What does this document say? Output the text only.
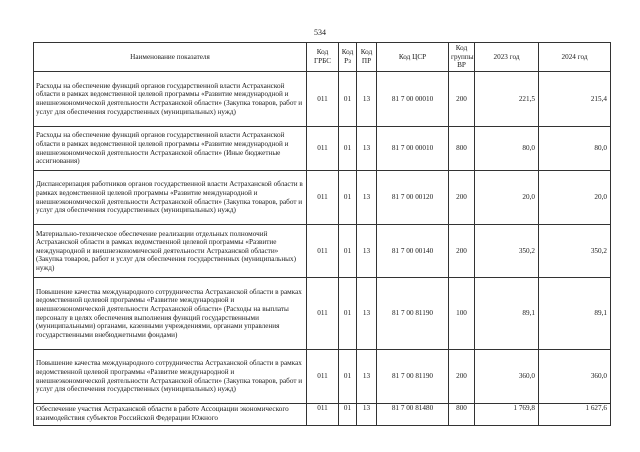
534
Наименование показателя	Код ГРБС	Код Рз	Код ПР	Код ЦСР	Код группы ВР	2023 год	2024 год
Расходы на обеспечение функций органов государственной власти Астраханской области в рамках ведомственной целевой программы «Развитие международной и внешнеэкономической деятельности Астраханской области» (Закупка товаров, работ и услуг для обеспечения государственных (муниципальных) нужд)	011	01	13	81 7 00 00010	200	221,5	215,4
Расходы на обеспечение функций органов государственной власти Астраханской области в рамках ведомственной целевой программы «Развитие международной и внешнеэкономической деятельности Астраханской области» (Иные бюджетные ассигнования)	011	01	13	81 7 00 00010	800	80,0	80,0
Диспансеризация работников органов государственной власти Астраханской области в рамках ведомственной целевой программы «Развитие международной и внешнеэкономической деятельности Астраханской области» (Закупка товаров, работ и услуг для обеспечения государственных (муниципальных) нужд)	011	01	13	81 7 00 00120	200	20,0	20,0
Материально-техническое обеспечение реализации отдельных полномочий Астраханской области в рамках ведомственной целевой программы «Развитие международной и внешнеэкономической деятельности Астраханской области» (Закупка товаров, работ и услуг для обеспечения государственных (муниципальных) нужд)	011	01	13	81 7 00 00140	200	350,2	350,2
Повышение качества международного сотрудничества Астраханской области в рамках ведомственной целевой программы «Развитие международной и внешнеэкономической деятельности Астраханской области» (Расходы на выплаты персоналу в целях обеспечения выполнения функций государственными (муниципальными) органами, казенными учреждениями, органами управления государственными внебюджетными фондами)	011	01	13	81 7 00 81190	100	89,1	89,1
Повышение качества международного сотрудничества Астраханской области в рамках ведомственной целевой программы «Развитие международной и внешнеэкономической деятельности Астраханской области» (Закупка товаров, работ и услуг для обеспечения государственных (муниципальных) нужд)	011	01	13	81 7 00 81190	200	360,0	360,0
Обеспечение участия Астраханской области в работе Ассоциации экономического взаимодействия субъектов Российской Федерации Южного	011	01	13	81 7 00 81480	800	1 769,8	1 627,6
